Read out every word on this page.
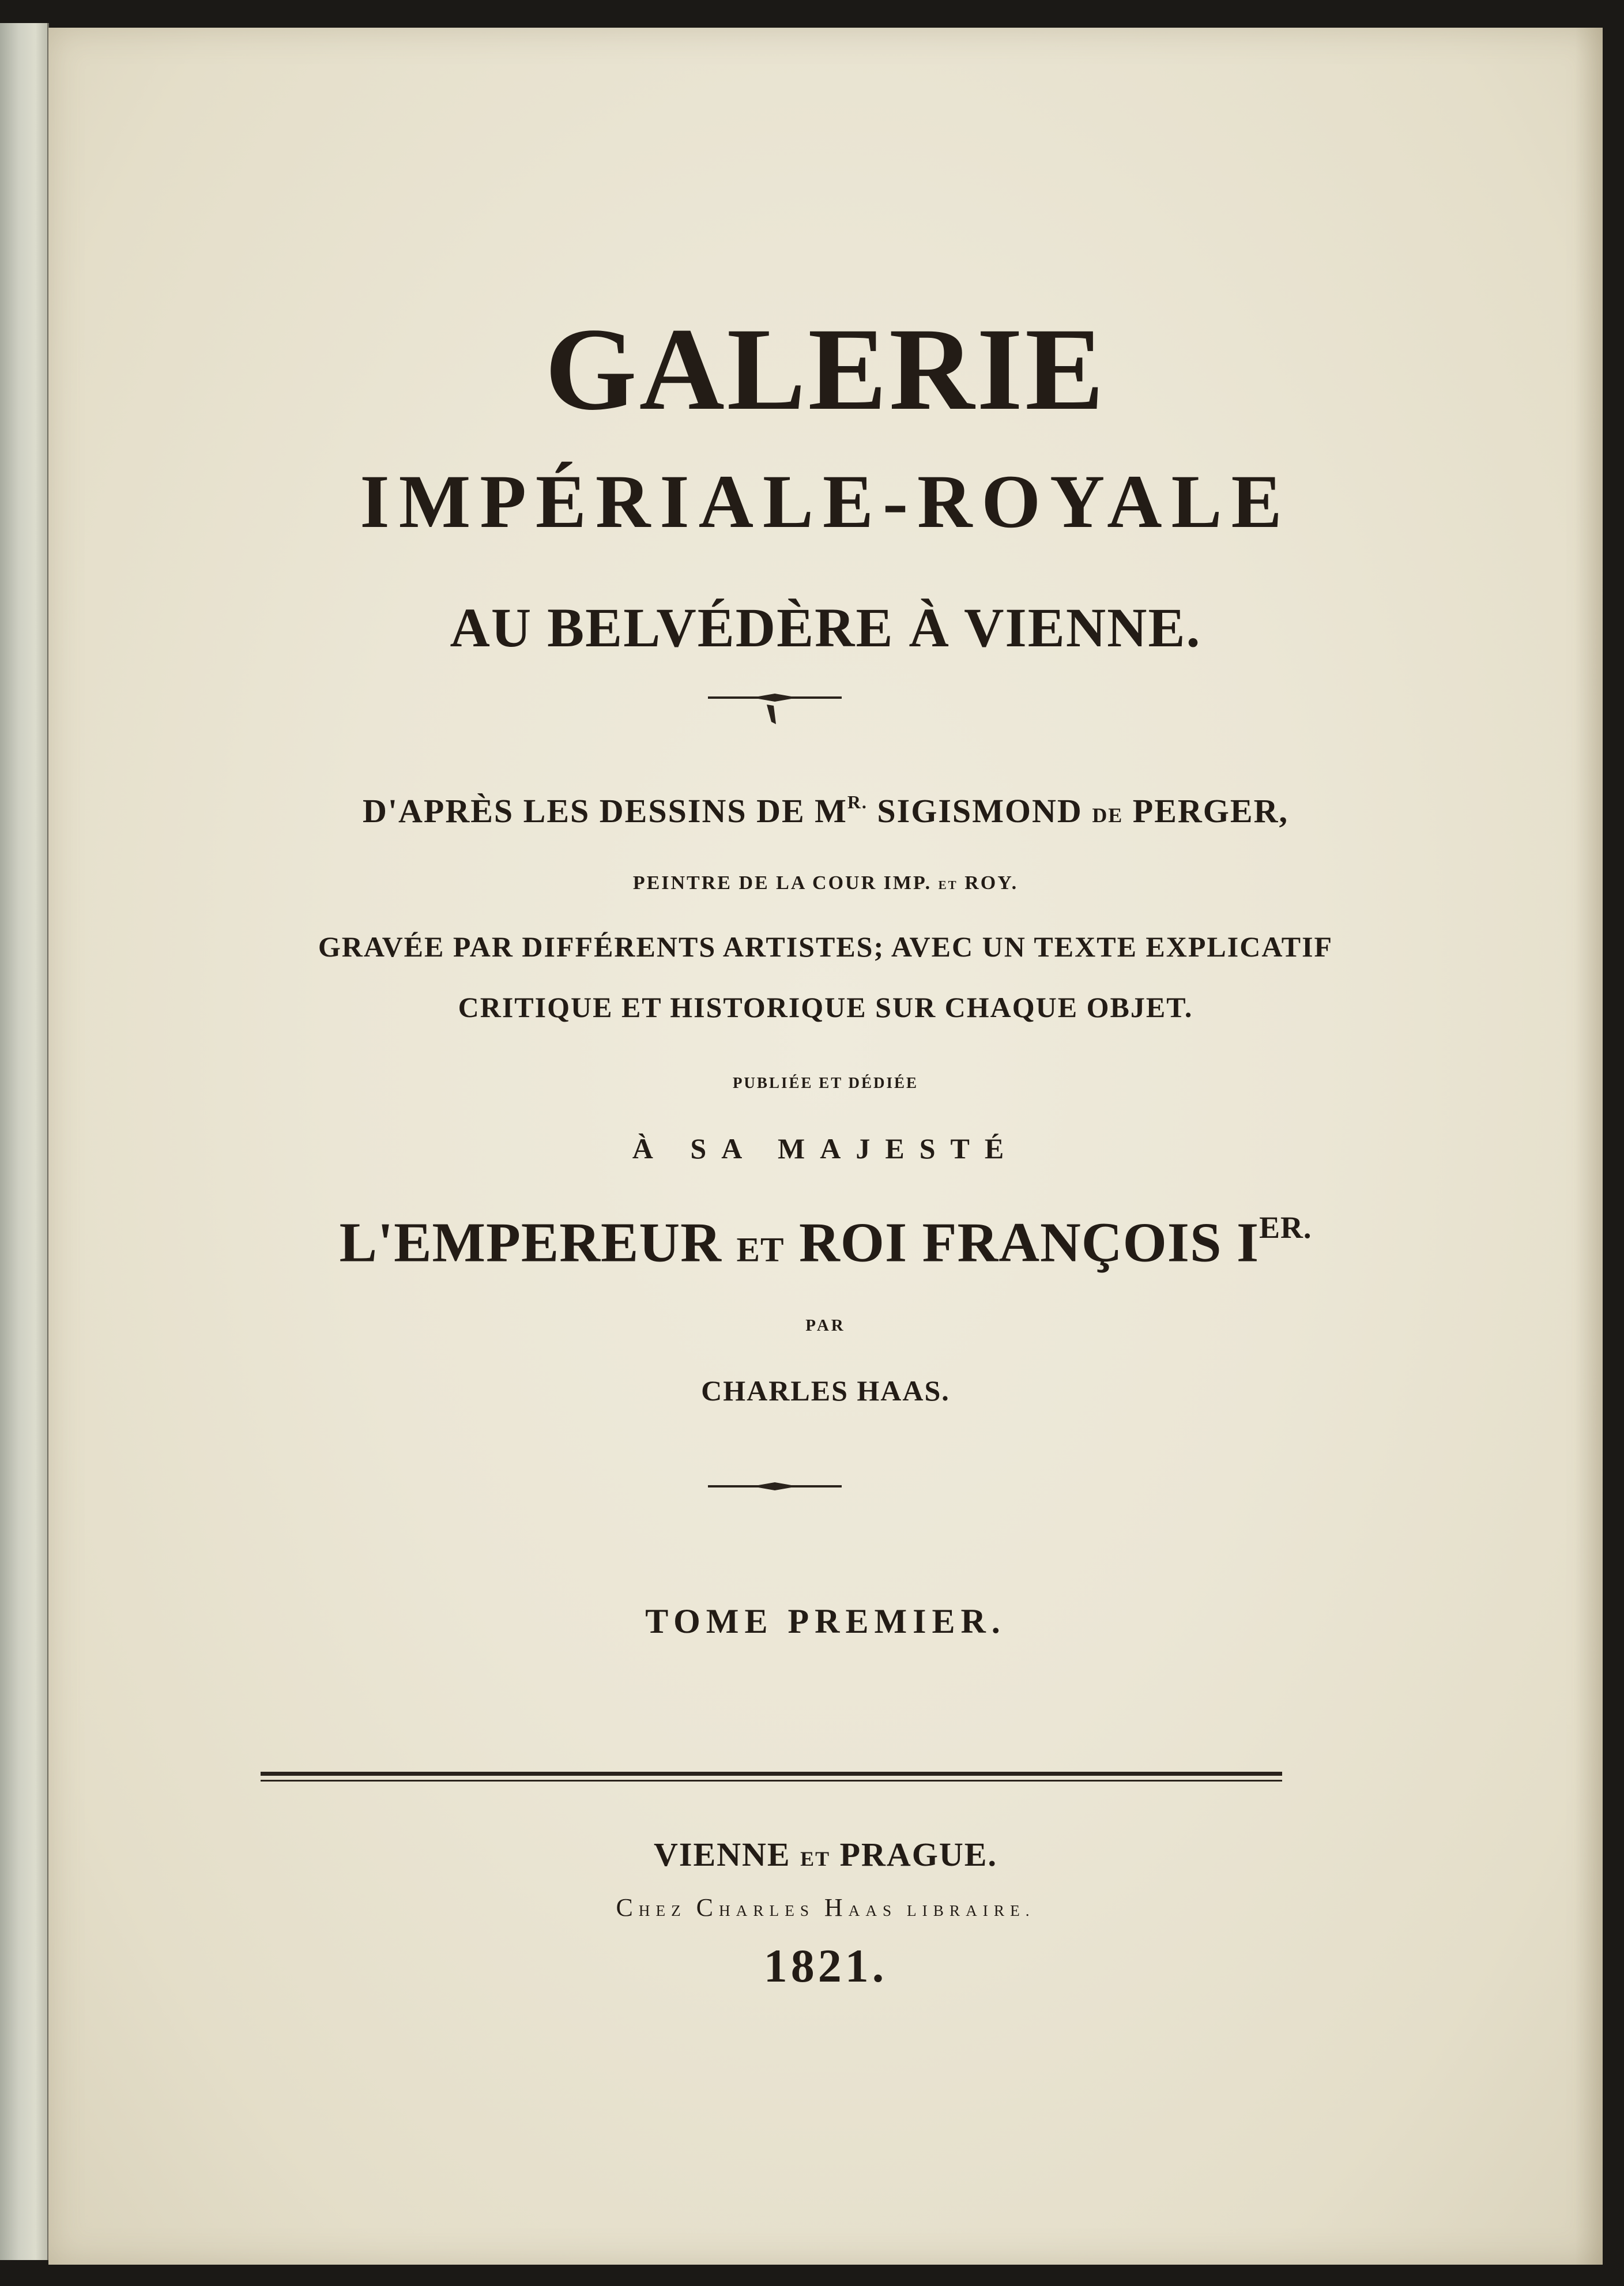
GALERIE
IMPÉRIALE-ROYALE
AU BELVÉDÈRE À VIENNE.
D'APRÈS LES DESSINS DE $M^{R.}$ SIGISMOND DE PERGER,
PEINTRE DE LA COUR IMP. ET ROY.
GRAVÉE PAR DIFFÉRENTS ARTISTES; AVEC UN TEXTE EXPLICATIF
CRITIQUE ET HISTORIQUE SUR CHAQUE OBJET.
PUBLIÉE ET DÉDIÉE
À SA MAJESTÉ
L'EMPEREUR ET ROI FRANÇOIS $I^{ER.}$
PAR
CHARLES HAAS.
TOME PREMIER.
VIENNE ET PRAGUE.
CHEZ CHARLES HAAS LIBRAIRE.
1821.
